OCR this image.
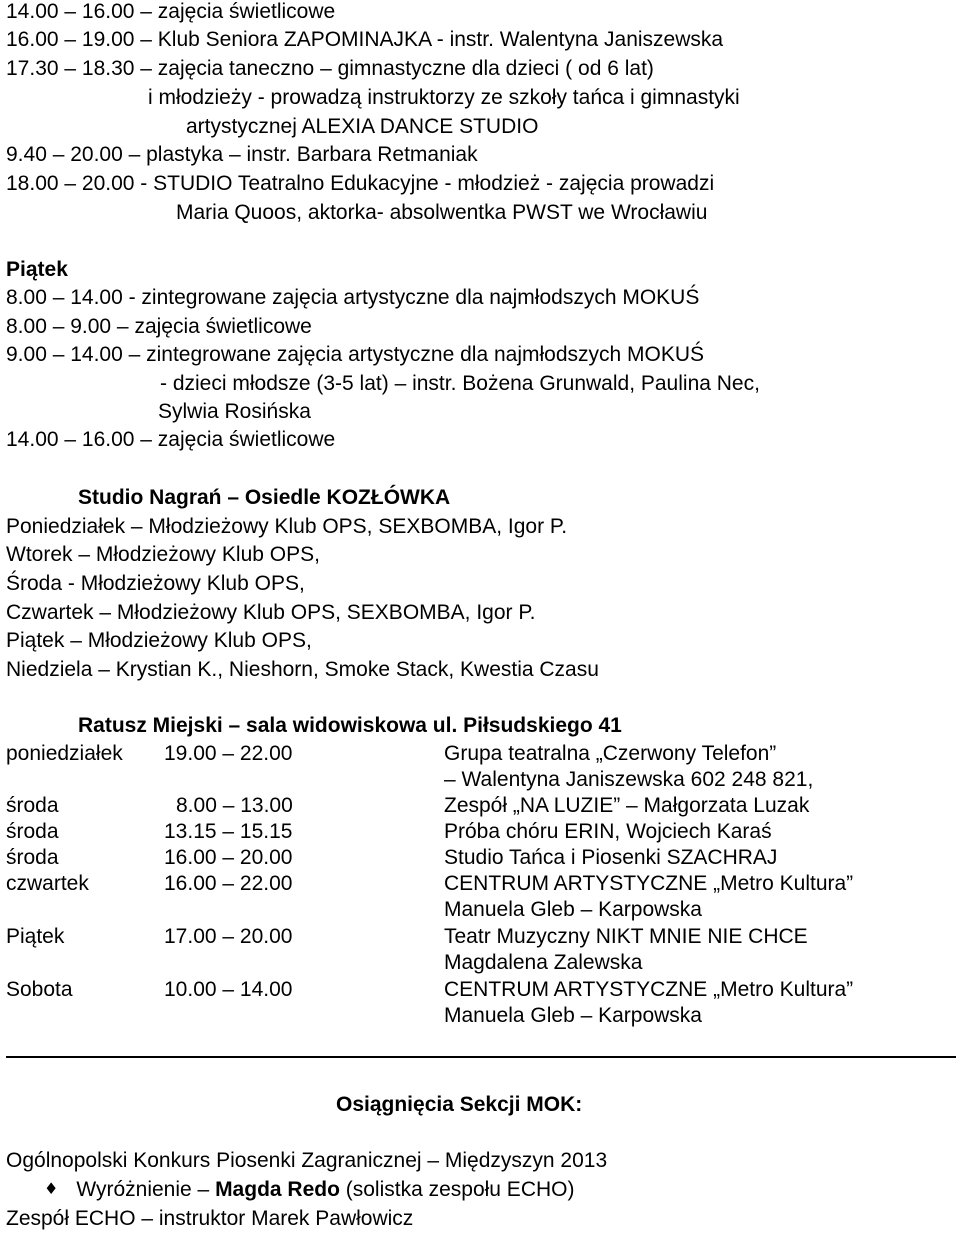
14.00 – 16.00 – zajęcia świetlicowe
16.00 – 19.00 – Klub Seniora ZAPOMINAJKA - instr. Walentyna Janiszewska
17.30 – 18.30 – zajęcia taneczno – gimnastyczne dla dzieci ( od 6 lat)
i młodzieży - prowadzą instruktorzy ze szkoły tańca i gimnastyki
artystycznej ALEXIA DANCE STUDIO
9.40 – 20.00 – plastyka – instr. Barbara Retmaniak
18.00 – 20.00 - STUDIO Teatralno Edukacyjne - młodzież - zajęcia prowadzi
Maria Quoos, aktorka- absolwentka PWST we Wrocławiu
Piątek
8.00 – 14.00 - zintegrowane zajęcia artystyczne dla najmłodszych MOKUŚ
8.00 – 9.00 – zajęcia świetlicowe
9.00 – 14.00 – zintegrowane zajęcia artystyczne dla najmłodszych MOKUŚ
- dzieci młodsze (3-5 lat) – instr. Bożena Grunwald, Paulina Nec,
Sylwia Rosińska
14.00 – 16.00 – zajęcia świetlicowe
Studio Nagrań – Osiedle KOZŁÓWKA
Poniedziałek – Młodzieżowy Klub OPS, SEXBOMBA, Igor P.
Wtorek – Młodzieżowy Klub OPS,
Środa - Młodzieżowy Klub OPS,
Czwartek – Młodzieżowy Klub OPS, SEXBOMBA, Igor P.
Piątek – Młodzieżowy Klub OPS,
Niedziela – Krystian K., Nieshorn, Smoke Stack, Kwestia Czasu
Ratusz Miejski – sala widowiskowa ul. Piłsudskiego 41
poniedziałek 19.00 – 22.00	Grupa teatralna „Czerwony Telefon”
– Walentyna Janiszewska 602 248 821,
środa	8.00 – 13.00	Zespół „NA LUZIE” – Małgorzata Luzak
środa	13.15 – 15.15	Próba chóru ERIN, Wojciech Karaś
środa	16.00 – 20.00	Studio Tańca i Piosenki SZACHRAJ
czwartek	16.00 – 22.00	CENTRUM ARTYSTYCZNE „Metro Kultura”
Manuela Gleb – Karpowska
Piątek	17.00 – 20.00	Teatr Muzyczny NIKT MNIE NIE CHCE
Magdalena Zalewska
Sobota	10.00 – 14.00	CENTRUM ARTYSTYCZNE „Metro Kultura”
Manuela Gleb – Karpowska
Osiągnięcia Sekcji MOK:
Ogólnopolski Konkurs Piosenki Zagranicznej – Międzyszyn 2013
♦ Wyróżnienie – Magda Redo (solistka zespołu ECHO)
Zespół ECHO – instruktor Marek Pawłowicz
